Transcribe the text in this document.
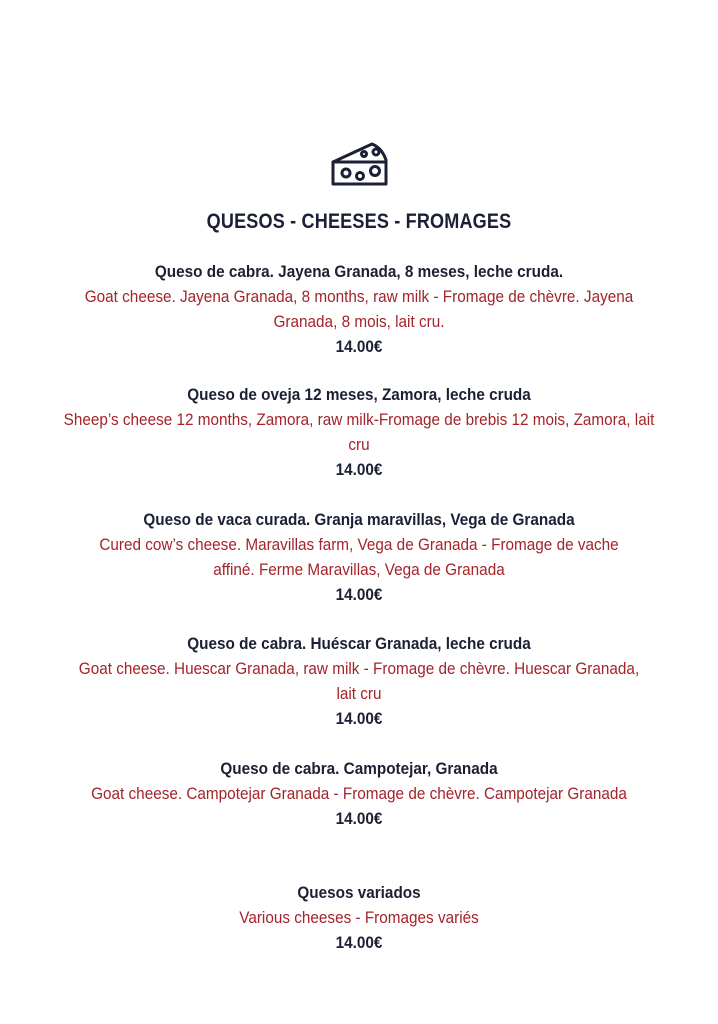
QUESOS - CHEESES - FROMAGES
Queso de cabra. Jayena Granada, 8 meses, leche cruda.
Goat cheese. Jayena Granada, 8 months, raw milk - Fromage de chèvre. Jayena Granada, 8 mois, lait cru.
14.00€
Queso de oveja 12 meses, Zamora, leche cruda
Sheep’s cheese 12 months, Zamora, raw milk-Fromage de brebis 12 mois, Zamora, lait cru
14.00€
Queso de vaca curada. Granja maravillas, Vega de Granada
Cured cow’s cheese. Maravillas farm, Vega de Granada - Fromage de vache affiné. Ferme Maravillas, Vega de Granada
14.00€
Queso de cabra. Huéscar Granada, leche cruda
Goat cheese. Huescar Granada, raw milk - Fromage de chèvre. Huescar Granada, lait cru
14.00€
Queso de cabra. Campotejar, Granada
Goat cheese. Campotejar Granada - Fromage de chèvre. Campotejar Granada
14.00€
Quesos variados
Various cheeses - Fromages variés
14.00€
